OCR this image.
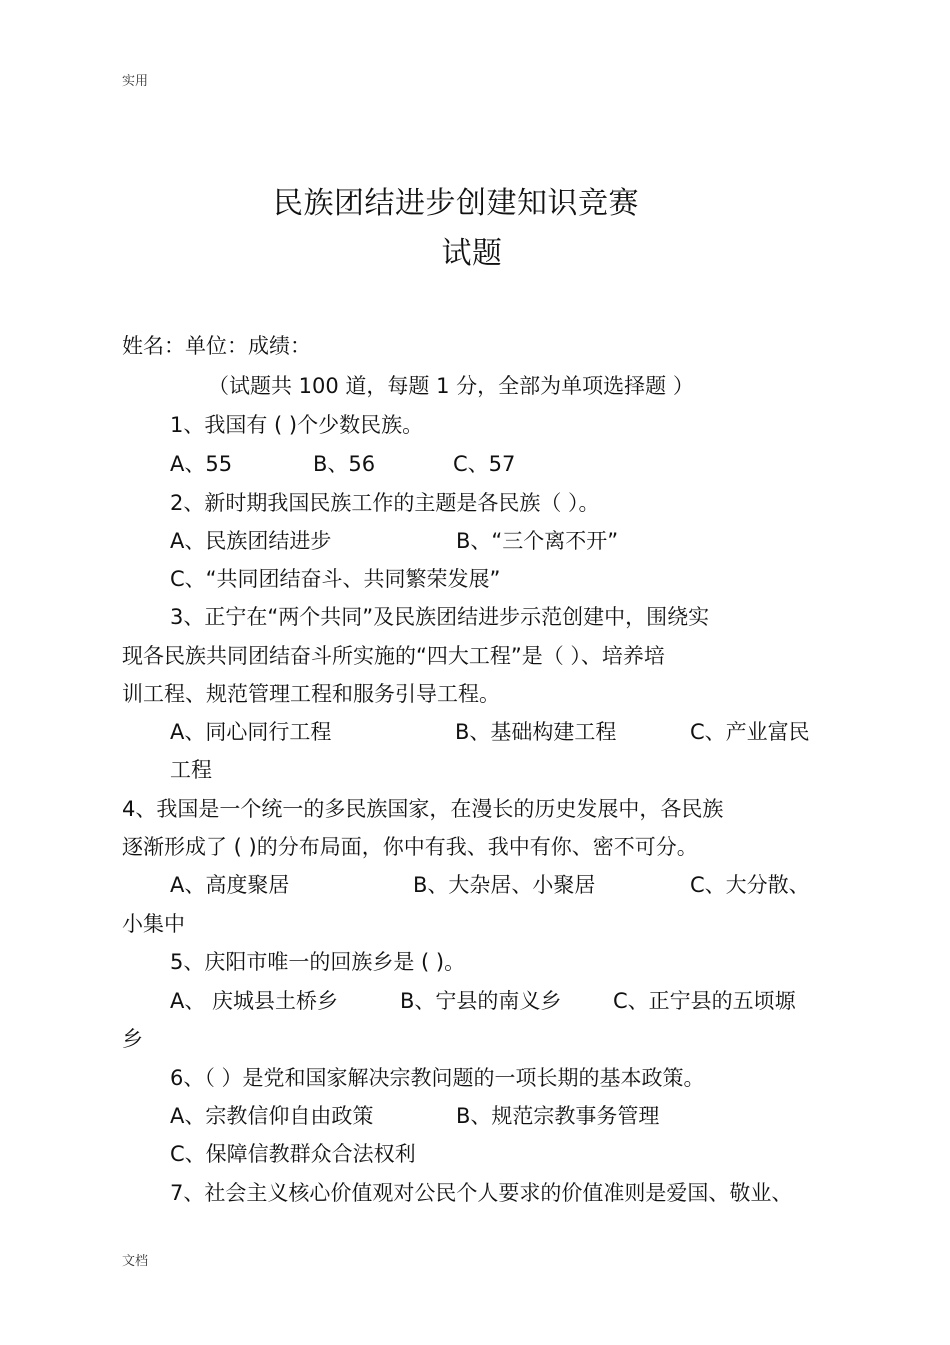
实用
民族团结进步创建知识竞赛
试题
姓名：单位：成绩：
（试题共 100 道，每题 1 分，全部为单项选择题 ）
1、我国有 ( )个少数民族。
A、55	B、56	C、57
2、新时期我国民族工作的主题是各民族（ ）。
A、民族团结进步	B、“三个离不开”
C、“共同团结奋斗、共同繁荣发展”
3、正宁在“两个共同”及民族团结进步示范创建中，围绕实
现各民族共同团结奋斗所实施的“四大工程”是（ ）、培养培
训工程、规范管理工程和服务引导工程。
A、同心同行工程	B、基础构建工程	C、产业富民
工程
4、我国是一个统一的多民族国家，在漫长的历史发展中，各民族
逐渐形成了 ( )的分布局面，你中有我、我中有你、密不可分。
A、高度聚居	B、大杂居、小聚居	C、大分散、
小集中
5、庆阳市唯一的回族乡是 ( )。
A、 庆城县土桥乡	B、宁县的南义乡 C、正宁县的五顷塬
乡
6、（ ）是党和国家解决宗教问题的一项长期的基本政策。
A、宗教信仰自由政策	B、规范宗教事务管理
C、保障信教群众合法权利
7、社会主义核心价值观对公民个人要求的价值准则是爱国、敬业、
文档
